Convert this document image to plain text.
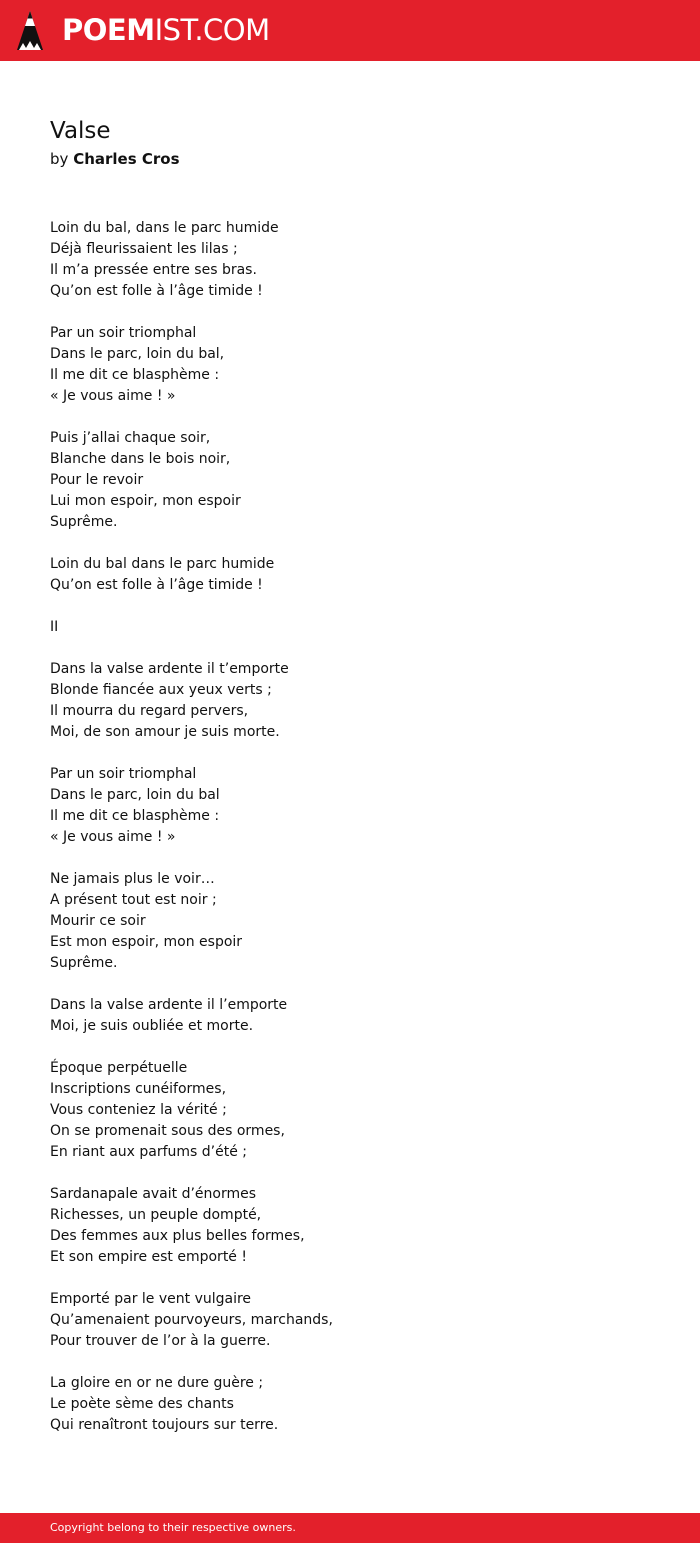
POEMIST.COM
Valse
by Charles Cros
Loin du bal, dans le parc humide
Déjà fleurissaient les lilas ;
Il m’a pressée entre ses bras.
Qu’on est folle à l’âge timide !
Par un soir triomphal
Dans le parc, loin du bal,
Il me dit ce blasphème :
« Je vous aime ! »
Puis j’allai chaque soir,
Blanche dans le bois noir,
Pour le revoir
Lui mon espoir, mon espoir
Suprême.
Loin du bal dans le parc humide
Qu’on est folle à l’âge timide !
II
Dans la valse ardente il t’emporte
Blonde fiancée aux yeux verts ;
Il mourra du regard pervers,
Moi, de son amour je suis morte.
Par un soir triomphal
Dans le parc, loin du bal
Il me dit ce blasphème :
« Je vous aime ! »
Ne jamais plus le voir…
A présent tout est noir ;
Mourir ce soir
Est mon espoir, mon espoir
Suprême.
Dans la valse ardente il l’emporte
Moi, je suis oubliée et morte.
Époque perpétuelle
Inscriptions cunéiformes,
Vous conteniez la vérité ;
On se promenait sous des ormes,
En riant aux parfums d’été ;
Sardanapale avait d’énormes
Richesses, un peuple dompté,
Des femmes aux plus belles formes,
Et son empire est emporté !
Emporté par le vent vulgaire
Qu’amenaient pourvoyeurs, marchands,
Pour trouver de l’or à la guerre.
La gloire en or ne dure guère ;
Le poète sème des chants
Qui renaîtront toujours sur terre.
Copyright belong to their respective owners.
